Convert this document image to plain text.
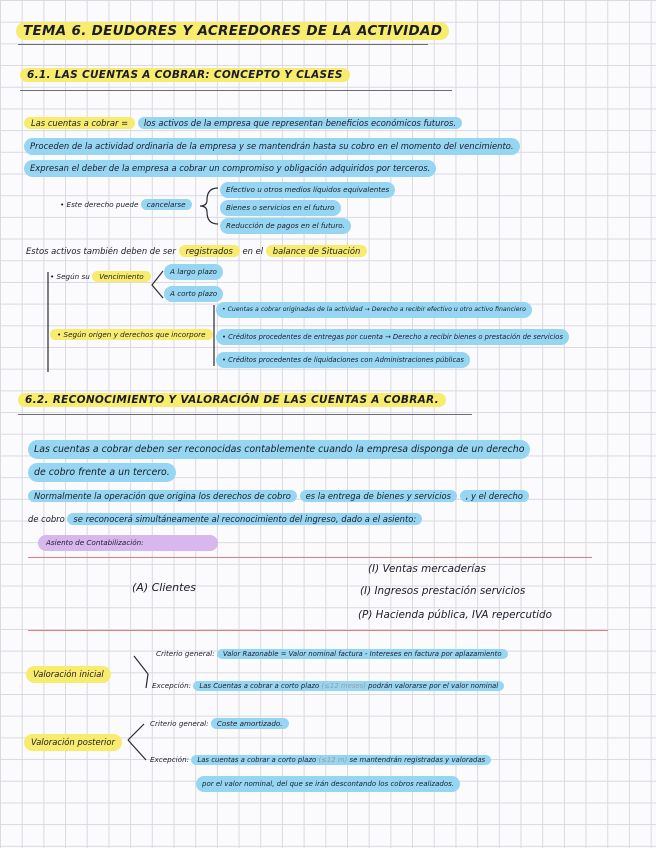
TEMA 6. DEUDORES Y ACREEDORES DE LA ACTIVIDAD
6.1. LAS CUENTAS A COBRAR: CONCEPTO Y CLASES
Las cuentas a cobrar = los activos de la empresa que representan beneficios económicos futuros.
Proceden de la actividad ordinaria de la empresa y se mantendrán hasta su cobro en el momento del vencimiento.
Expresan el deber de la empresa a cobrar un compromiso y obligación adquiridos por terceros.
• Este derecho puede cancelarse
Efectivo u otros medios líquidos equivalentes
Bienes o servicios en el futuro
Reducción de pagos en el futuro.
Estos activos también deben de ser registrados en el balance de Situación
• Según su Vencimiento
A largo plazo
A corto plazo
• Según origen y derechos que incorpore
• Cuentas a cobrar originadas de la actividad → Derecho a recibir efectivo u otro activo financiero
• Créditos procedentes de entregas por cuenta → Derecho a recibir bienes o prestación de servicios
• Créditos procedentes de liquidaciones con Administraciones públicas
6.2. RECONOCIMIENTO Y VALORACIÓN DE LAS CUENTAS A COBRAR.
Las cuentas a cobrar deben ser reconocidas contablemente cuando la empresa disponga de un derecho
de cobro frente a un tercero.
Normalmente la operación que origina los derechos de cobro es la entrega de bienes y servicios , y el derecho
de cobro se reconocerá simultáneamente al reconocimiento del ingreso, dado a el asiento:
Asiento de Contabilización:
(A) Clientes
(I) Ventas mercaderías
(I) Ingresos prestación servicios
(P) Hacienda pública, IVA repercutido
Valoración inicial
Criterio general: Valor Razonable = Valor nominal factura - Intereses en factura por aplazamiento
Excepción: Las Cuentas a cobrar a corto plazo (≤12 meses) podrán valorarse por el valor nominal
Valoración posterior
Criterio general: Coste amortizado.
Excepción: Las cuentas a cobrar a corto plazo (≤12 m) se mantendrán registradas y valoradas
por el valor nominal, del que se irán descontando los cobros realizados.
